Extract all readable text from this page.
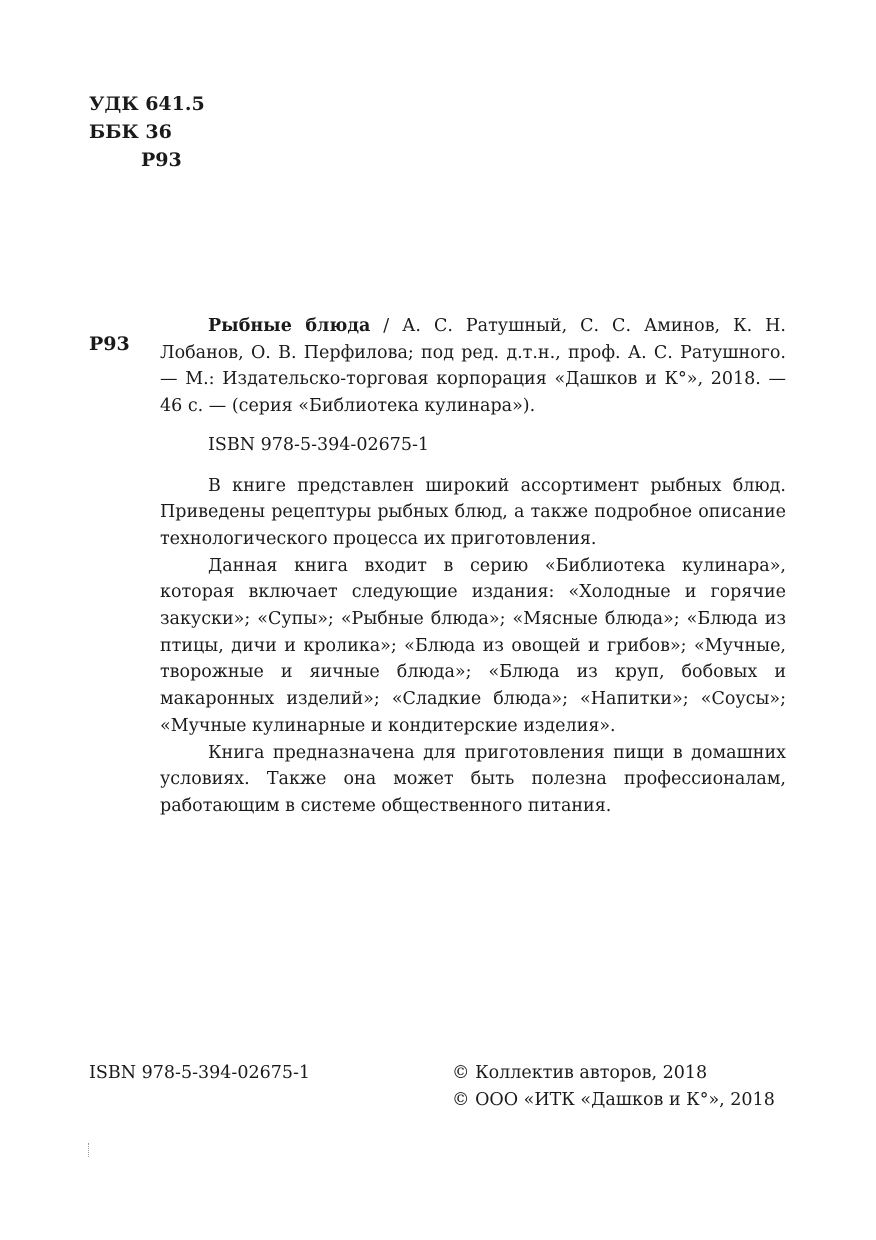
УДК 641.5
ББК 36
Р93
Р93

Рыбные блюда / А. С. Ратушный, С. С. Аминов, К. Н. Лобанов, О. В. Перфилова; под ред. д.т.н., проф. А. С. Ратушного. — М.: Издательско-торговая корпорация «Дашков и К°», 2018. — 46 с. — (серия «Библиотека кулинара»).

ISBN 978-5-394-02675-1

В книге представлен широкий ассортимент рыбных блюд. Приведены рецептуры рыбных блюд, а также подробное описание технологического процесса их приготовления.

Данная книга входит в серию «Библиотека кулинара», которая включает следующие издания: «Холодные и горячие закуски»; «Супы»; «Рыбные блюда»; «Мясные блюда»; «Блюда из птицы, дичи и кролика»; «Блюда из овощей и грибов»; «Мучные, творожные и яичные блюда»; «Блюда из круп, бобовых и макаронных изделий»; «Сладкие блюда»; «Напитки»; «Соусы»; «Мучные кулинарные и кондитерские изделия».

Книга предназначена для приготовления пищи в домашних условиях. Также она может быть полезна профессионалам, работающим в системе общественного питания.

ISBN 978-5-394-02675-1	© Коллектив авторов, 2018
© ООО «ИТК «Дашков и К°», 2018
